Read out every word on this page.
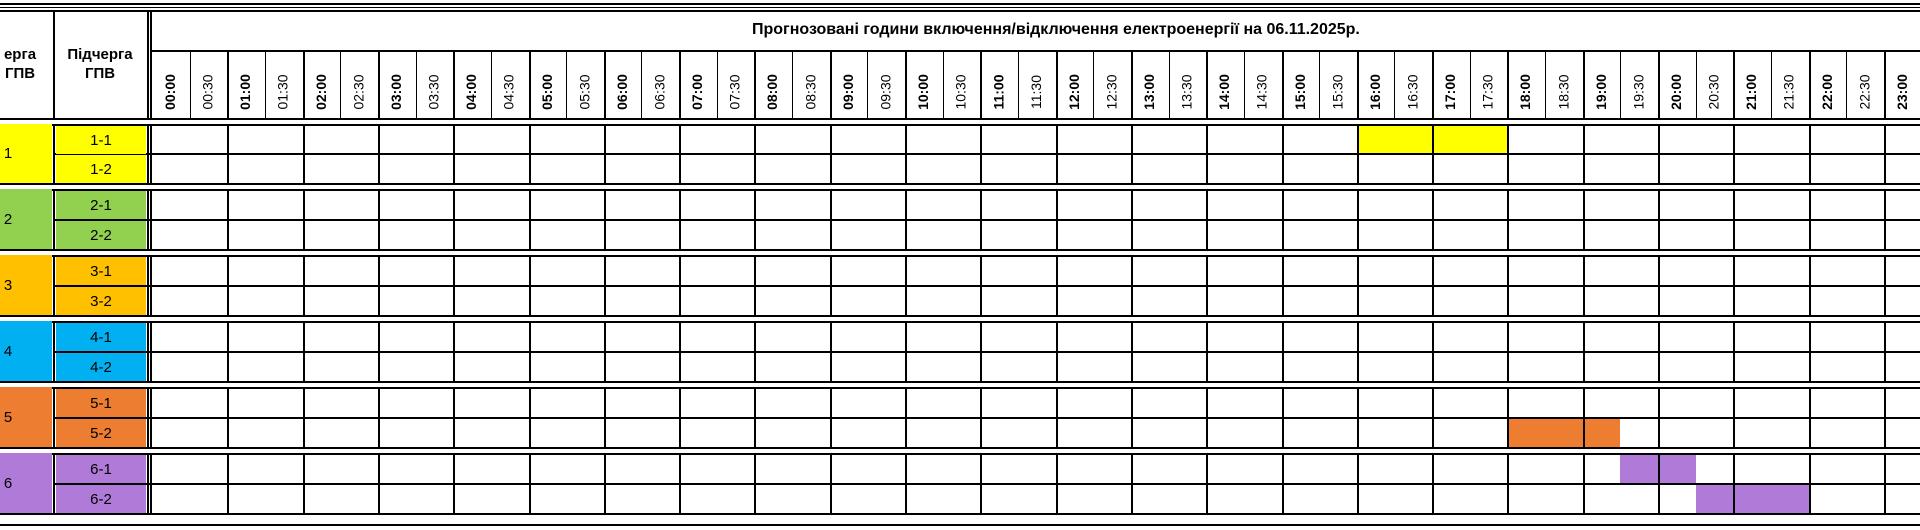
ерга
ГПВ
Підчерга
ГПВ
Прогнозовані години включення/відключення електроенергії на 06.11.2025р.
00:00 00:30 01:00 01:30 02:00 02:30 03:00 03:30 04:00 04:30 05:00 05:30 06:00 06:30 07:00 07:30 08:00 08:30 09:00 09:30 10:00 10:30 11:00 11:30 12:00 12:30 13:00 13:30 14:00 14:30 15:00 15:30 16:00 16:30 17:00 17:30 18:00 18:30 19:00 19:30 20:00 20:30 21:00 21:30 22:00 22:30 23:00
1
1-1
1-2
2
2-1
2-2
3
3-1
3-2
4
4-1
4-2
5
5-1
5-2
6
6-1
6-2
